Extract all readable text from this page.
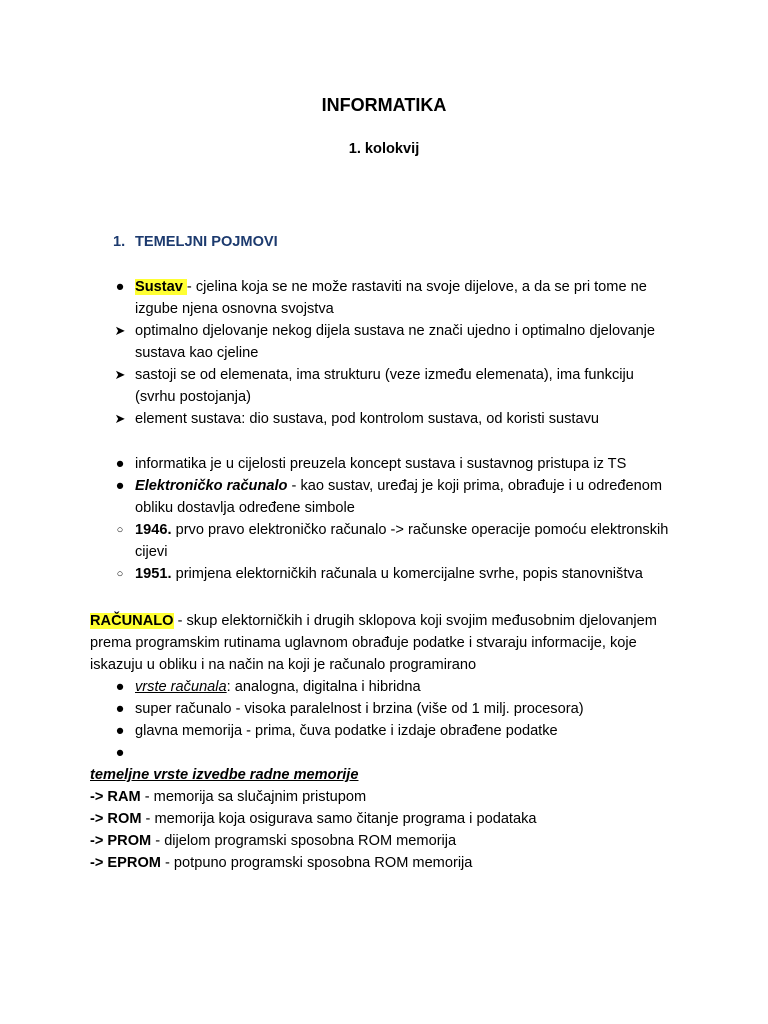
INFORMATIKA
1. kolokvij
1. TEMELJNI POJMOVI
● Sustav - cjelina koja se ne može rastaviti na svoje dijelove, a da se pri tome ne izgube njena osnovna svojstva
➤ optimalno djelovanje nekog dijela sustava ne znači ujedno i optimalno djelovanje sustava kao cjeline
➤ sastoji se od elemenata, ima strukturu (veze između elemenata), ima funkciju (svrhu postojanja)
➤ element sustava: dio sustava, pod kontrolom sustava, od koristi sustavu
● informatika je u cijelosti preuzela koncept sustava i sustavnog pristupa iz TS
● Elektroničko računalo - kao sustav, uređaj je koji prima, obrađuje i u određenom obliku dostavlja određene simbole
○ 1946. prvo pravo elektroničko računalo -> računske operacije pomoću elektronskih cijevi
○ 1951. primjena elektorničkih računala u komercijalne svrhe, popis stanovništva
RAČUNALO - skup elektorničkih i drugih sklopova koji svojim međusobnim djelovanjem prema programskim rutinama uglavnom obrađuje podatke i stvaraju informacije, koje iskazuju u obliku i na način na koji je računalo programirano
● vrste računala: analogna, digitalna i hibridna
● super računalo - visoka paralelnost i brzina (više od 1 milj. procesora)
● glavna memorija - prima, čuva podatke i izdaje obrađene podatke
●

temeljne vrste izvedbe radne memorije
-> RAM - memorija sa slučajnim pristupom
-> ROM - memorija koja osigurava samo čitanje programa i podataka
-> PROM - dijelom programski sposobna ROM memorija
-> EPROM - potpuno programski sposobna ROM memorija
